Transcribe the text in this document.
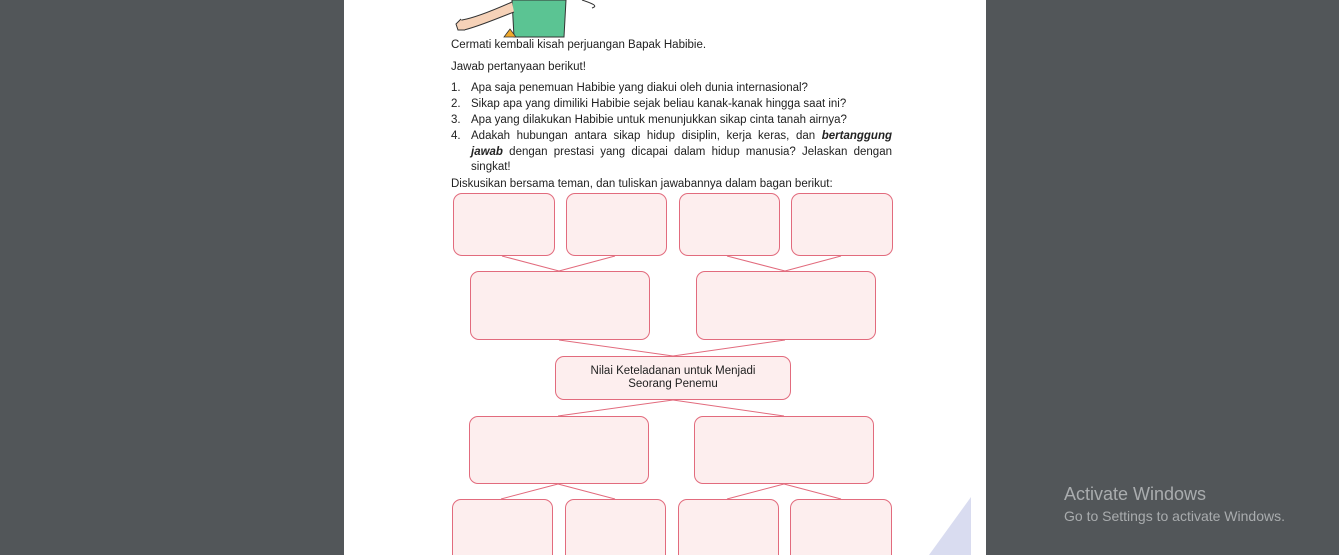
Cermati kembali kisah perjuangan Bapak Habibie.
Jawab pertanyaan berikut!
1. Apa saja penemuan Habibie yang diakui oleh dunia internasional?
2. Sikap apa yang dimiliki Habibie sejak beliau kanak-kanak hingga saat ini?
3. Apa yang dilakukan Habibie untuk menunjukkan sikap cinta tanah airnya?
4. Adakah hubungan antara sikap hidup disiplin, kerja keras, dan bertanggung jawab dengan prestasi yang dicapai dalam hidup manusia? Jelaskan dengan singkat!
Diskusikan bersama teman, dan tuliskan jawabannya dalam bagan berikut:
Nilai Keteladanan untuk Menjadi
Seorang Penemu
Activate Windows
Go to Settings to activate Windows.
